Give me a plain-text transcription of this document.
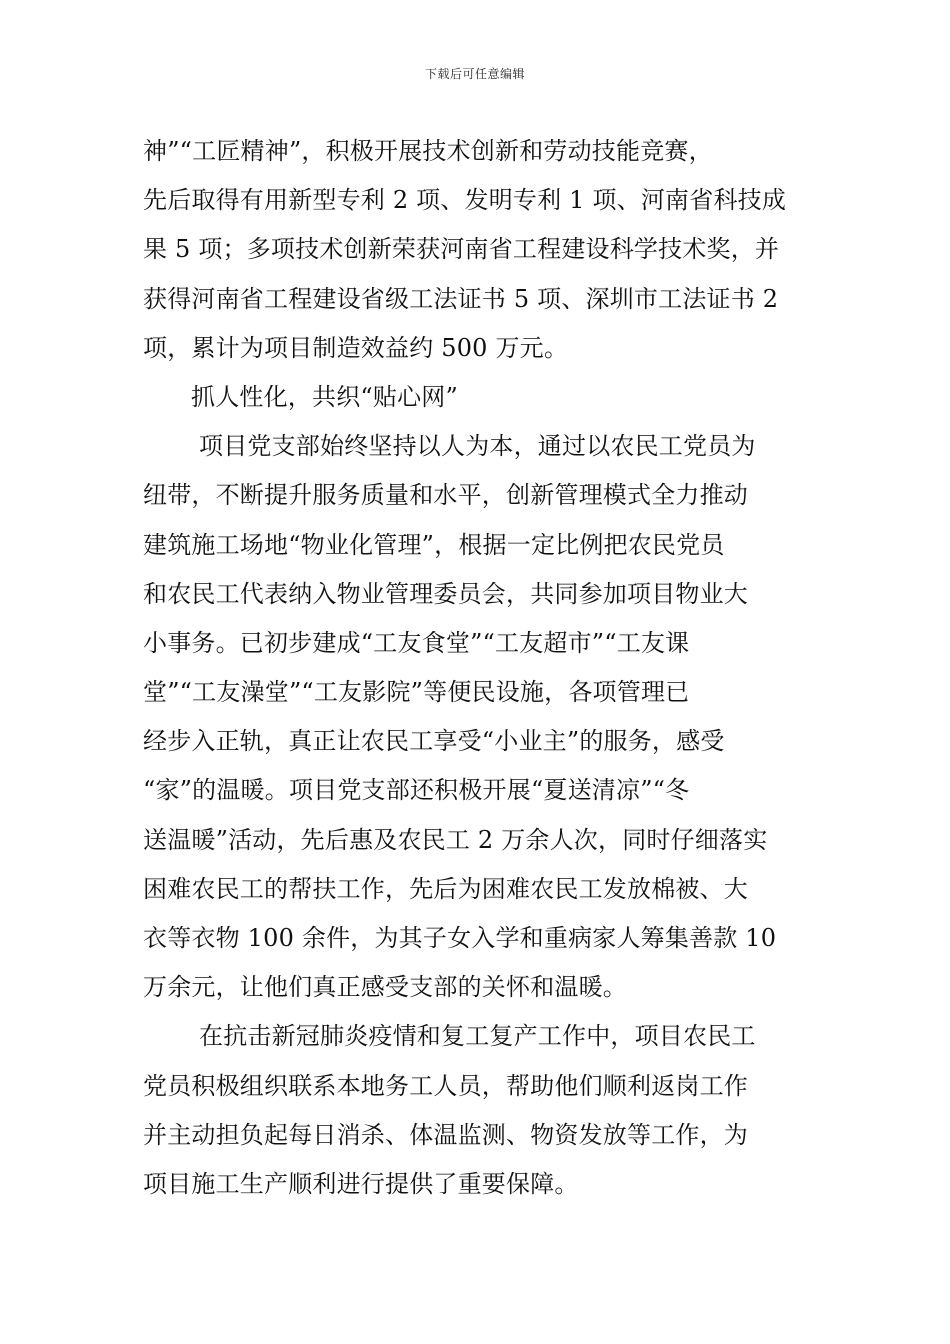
下载后可任意编辑
神”“工匠精神”，积极开展技术创新和劳动技能竞赛，
先后取得有用新型专利 2 项、发明专利 1 项、河南省科技成
果 5 项；多项技术创新荣获河南省工程建设科学技术奖，并
获得河南省工程建设省级工法证书 5 项、深圳市工法证书 2
项，累计为项目制造效益约 500 万元。
抓人性化，共织“贴心网”
项目党支部始终坚持以人为本，通过以农民工党员为
纽带，不断提升服务质量和水平，创新管理模式全力推动
建筑施工场地“物业化管理”，根据一定比例把农民党员
和农民工代表纳入物业管理委员会，共同参加项目物业大
小事务。已初步建成“工友食堂”“工友超市”“工友课
堂”“工友澡堂”“工友影院”等便民设施，各项管理已
经步入正轨，真正让农民工享受“小业主”的服务，感受
“家”的温暖。项目党支部还积极开展“夏送清凉”“冬
送温暖”活动，先后惠及农民工 2 万余人次，同时仔细落实
困难农民工的帮扶工作，先后为困难农民工发放棉被、大
衣等衣物 100 余件，为其子女入学和重病家人筹集善款 10
万余元，让他们真正感受支部的关怀和温暖。
在抗击新冠肺炎疫情和复工复产工作中，项目农民工
党员积极组织联系本地务工人员，帮助他们顺利返岗工作
并主动担负起每日消杀、体温监测、物资发放等工作，为
项目施工生产顺利进行提供了重要保障。
